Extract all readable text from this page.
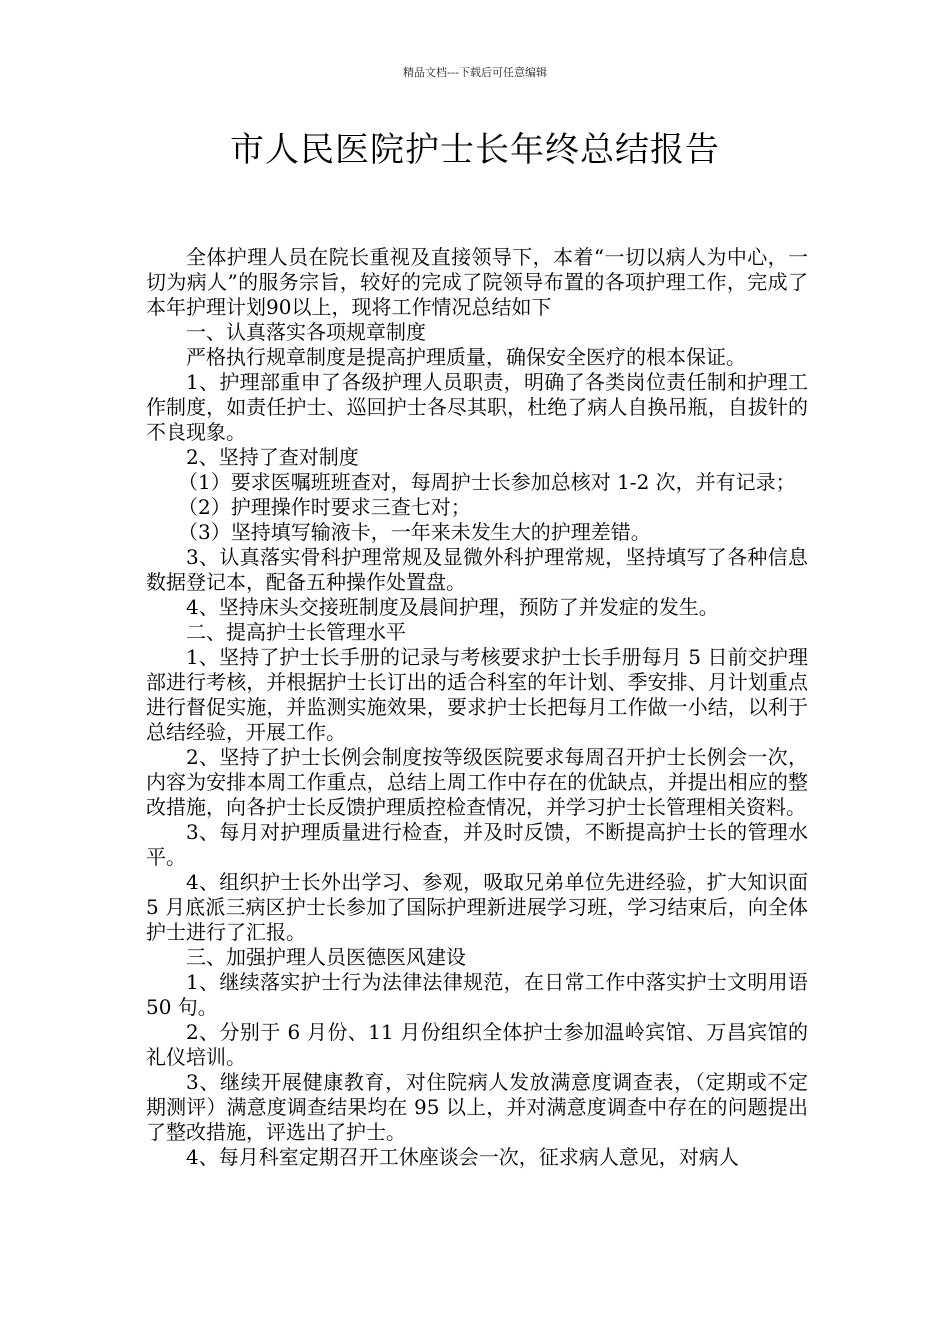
精品文档---下载后可任意编辑
市人民医院护士长年终总结报告

全体护理人员在院长重视及直接领导下，本着“一切以病人为中心，一切为病人”的服务宗旨，较好的完成了院领导布置的各项护理工作，完成了本年护理计划90以上，现将工作情况总结如下

一、认真落实各项规章制度

严格执行规章制度是提高护理质量，确保安全医疗的根本保证。

1、护理部重申了各级护理人员职责，明确了各类岗位责任制和护理工作制度，如责任护士、巡回护士各尽其职，杜绝了病人自换吊瓶，自拔针的不良现象。

2、坚持了查对制度

（1）要求医嘱班班查对，每周护士长参加总核对 1-2 次，并有记录；

（2）护理操作时要求三查七对；

（3）坚持填写输液卡，一年来未发生大的护理差错。

3、认真落实骨科护理常规及显微外科护理常规，坚持填写了各种信息数据登记本，配备五种操作处置盘。

4、坚持床头交接班制度及晨间护理，预防了并发症的发生。

二、提高护士长管理水平

1、坚持了护士长手册的记录与考核要求护士长手册每月 5 日前交护理部进行考核，并根据护士长订出的适合科室的年计划、季安排、月计划重点进行督促实施，并监测实施效果，要求护士长把每月工作做一小结，以利于总结经验，开展工作。

2、坚持了护士长例会制度按等级医院要求每周召开护士长例会一次，内容为安排本周工作重点，总结上周工作中存在的优缺点，并提出相应的整改措施，向各护士长反馈护理质控检查情况，并学习护士长管理相关资料。

3、每月对护理质量进行检查，并及时反馈，不断提高护士长的管理水平。

4、组织护士长外出学习、参观，吸取兄弟单位先进经验，扩大知识面 5 月底派三病区护士长参加了国际护理新进展学习班，学习结束后，向全体护士进行了汇报。

三、加强护理人员医德医风建设

1、继续落实护士行为法律法律规范，在日常工作中落实护士文明用语 50 句。

2、分别于 6 月份、11 月份组织全体护士参加温岭宾馆、万昌宾馆的礼仪培训。

3、继续开展健康教育，对住院病人发放满意度调查表，（定期或不定期测评）满意度调查结果均在 95 以上，并对满意度调查中存在的问题提出了整改措施，评选出了护士。

4、每月科室定期召开工休座谈会一次，征求病人意见，对病人
